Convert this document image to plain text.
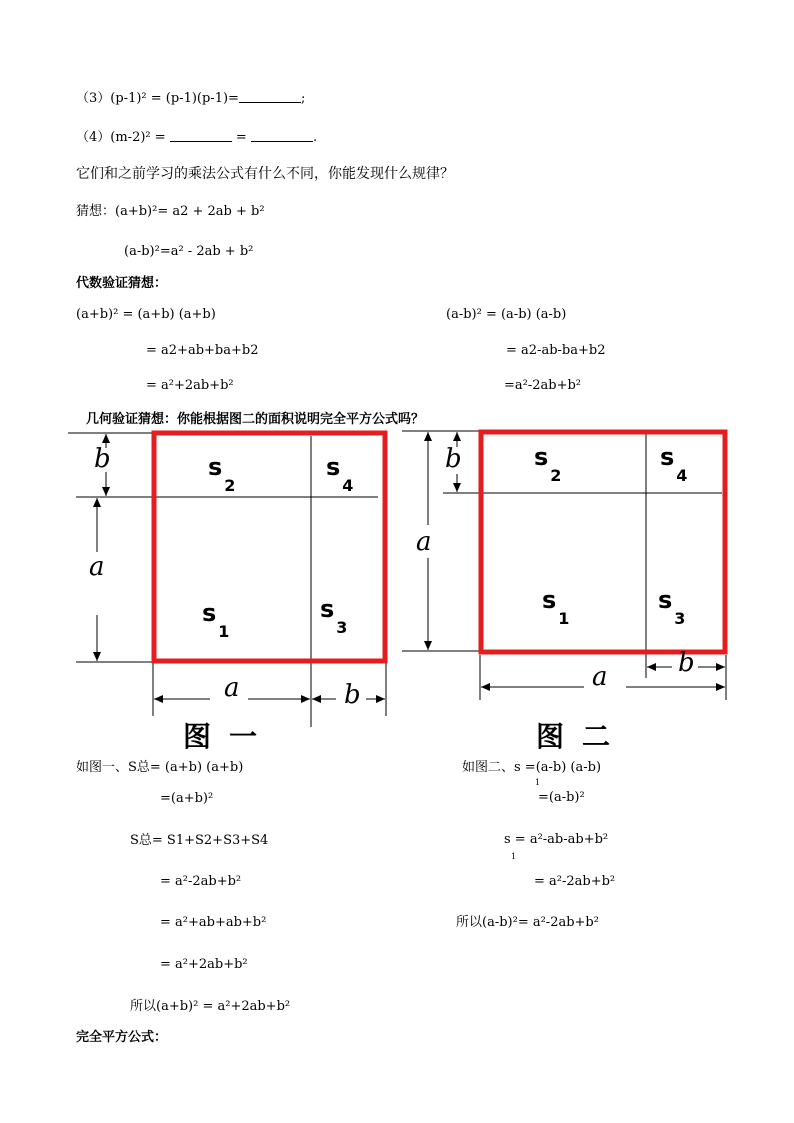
（3）(p-1)² = (p-1)(p-1)=	;
（4）(m-2)² =	=	.
它们和之前学习的乘法公式有什么不同，你能发现什么规律？
猜想：(a+b)²= a2 + 2ab + b²
(a-b)²=a² - 2ab + b²
代数验证猜想：
(a+b)² = (a+b) (a+b)
= a2+ab+ba+b2
= a²+2ab+b²
(a-b)² = (a-b) (a-b)
= a2-ab-ba+b2
=a²-2ab+b²
几何验证猜想：你能根据图二的面积说明完全平方公式吗？
$s_2$
$s_4$
$s_1$
$s_3$
b
a
a	b
$s_2$
$s_4$
$s_1$
$s_3$
b
a
b
a
图一	图二
如图一、S总= (a+b) (a+b)
=(a+b)²
S总= S1+S2+S3+S4
= a²-2ab+b²
= a²+ab+ab+b²
= a²+2ab+b²
所以(a+b)² = a²+2ab+b²
如图二、s =(a-b) (a-b)
1
=(a-b)²
s = a²-ab-ab+b²
1
= a²-2ab+b²
所以(a-b)²= a²-2ab+b²
完全平方公式：
